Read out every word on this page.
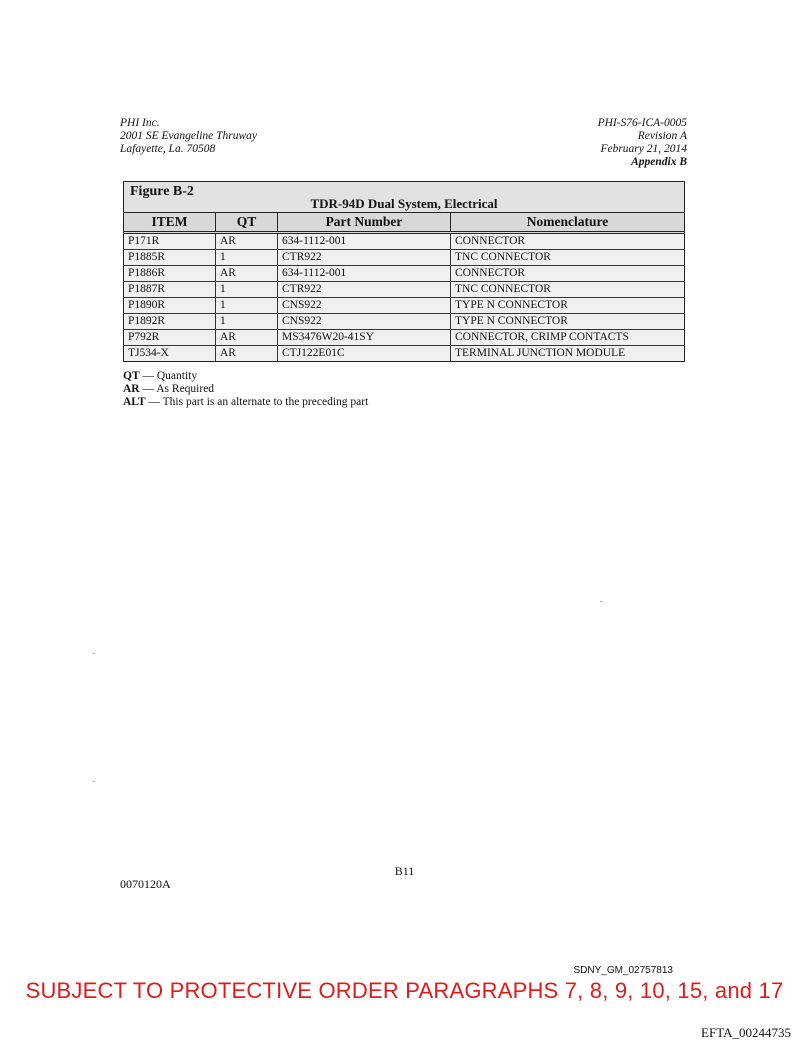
PHI Inc.
2001 SE Evangeline Thruway
Lafayette, La. 70508
PHI-S76-ICA-0005
Revision A
February 21, 2014
Appendix B
Figure B-2
TDR-94D Dual System, Electrical
ITEM	QT	Part Number	Nomenclature
P171R	AR	634-1112-001	CONNECTOR
P1885R	1	CTR922	TNC CONNECTOR
P1886R	AR	634-1112-001	CONNECTOR
P1887R	1	CTR922	TNC CONNECTOR
P1890R	1	CNS922	TYPE N CONNECTOR
P1892R	1	CNS922	TYPE N CONNECTOR
P792R	AR	MS3476W20-41SY	CONNECTOR, CRIMP CONTACTS
TJ534-X	AR	CTJ122E01C	TERMINAL JUNCTION MODULE
QT — Quantity
AR — As Required
ALT — This part is an alternate to the preceding part
B11
0070120A
SDNY_GM_02757813
SUBJECT TO PROTECTIVE ORDER PARAGRAPHS 7, 8, 9, 10, 15, and 17
EFTA_00244735
